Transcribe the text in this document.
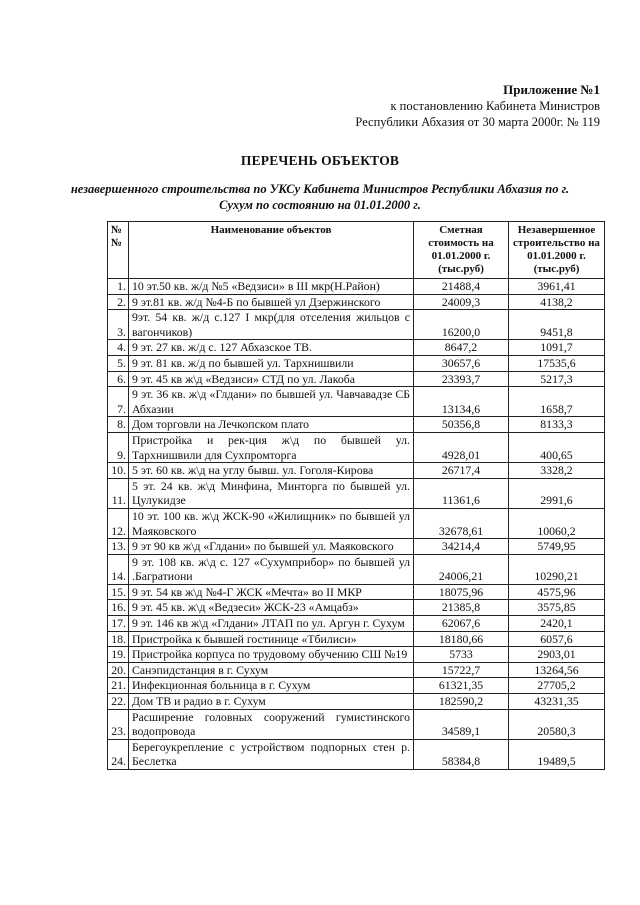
Приложение №1
к постановлению Кабинета Министров
Республики Абхазия от 30 марта 2000г. № 119
ПЕРЕЧЕНЬ ОБЪЕКТОВ
незавершенного строительства по УКСу Кабинета Министров Республики Абхазия по г. Сухум по состоянию на 01.01.2000 г.
№ №	Наименование объектов	Сметная стоимость на 01.01.2000 г. (тыс.руб)	Незавершенное строительство на 01.01.2000 г. (тыс.руб)
1.	10 эт.50 кв. ж/д №5 «Ведзиси» в III мкр(Н.Район)	21488,4	3961,41
2.	9 эт.81 кв. ж/д №4-Б по бывшей ул Дзержинского	24009,3	4138,2
3.	9эт. 54 кв. ж/д с.127 I мкр(для отселения жильцов с вагончиков)	16200,0	9451,8
4.	9 эт. 27 кв. ж/д с. 127 Абхазское ТВ.	8647,2	1091,7
5.	9 эт. 81 кв. ж/д по бывшей ул. Тархнишвили	30657,6	17535,6
6.	9 эт. 45 кв ж\д «Ведзиси» СТД по ул. Лакоба	23393,7	5217,3
7.	9 эт. 36 кв. ж\д «Глдани» по бывшей ул. Чавчавадзе СБ Абхазии	13134,6	1658,7
8.	Дом торговли на Лечкопском плато	50356,8	8133,3
9.	Пристройка и рек-ция ж\д по бывшей ул. Тархнишвили для Сухпромторга	4928,01	400,65
10.	5 эт. 60 кв. ж\д на углу бывш. ул. Гоголя-Кирова	26717,4	3328,2
11.	5 эт. 24 кв. ж\д Минфина, Минторга по бывшей ул. Цулукидзе	11361,6	2991,6
12.	10 эт. 100 кв. ж\д ЖСК-90 «Жилищник» по бывшей ул Маяковского	32678,61	10060,2
13.	9 эт 90 кв ж\д «Глдани» по бывшей ул. Маяковского	34214,4	5749,95
14.	9 эт. 108 кв. ж\д с. 127 «Сухумприбор» по бывшей ул .Багратиони	24006,21	10290,21
15.	9 эт. 54 кв ж\д №4-Г ЖСК «Мечта» во II МКР	18075,96	4575,96
16.	9 эт. 45 кв. ж\д «Ведзеси» ЖСК-23 «Амцабз»	21385,8	3575,85
17.	9 эт. 146 кв ж\д «Глдани» ЛТАП по ул. Аргун г. Сухум	62067,6	2420,1
18.	Пристройка к бывшей гостинице «Тбилиси»	18180,66	6057,6
19.	Пристройка корпуса по трудовому обучению СШ №19	5733	2903,01
20.	Санэпидстанция в г. Сухум	15722,7	13264,56
21.	Инфекционная больница в г. Сухум	61321,35	27705,2
22.	Дом ТВ и радио в г. Сухум	182590,2	43231,35
23.	Расширение головных сооружений гумистинского водопровода	34589,1	20580,3
24.	Берегоукрепление с устройством подпорных стен р. Беслетка	58384,8	19489,5
